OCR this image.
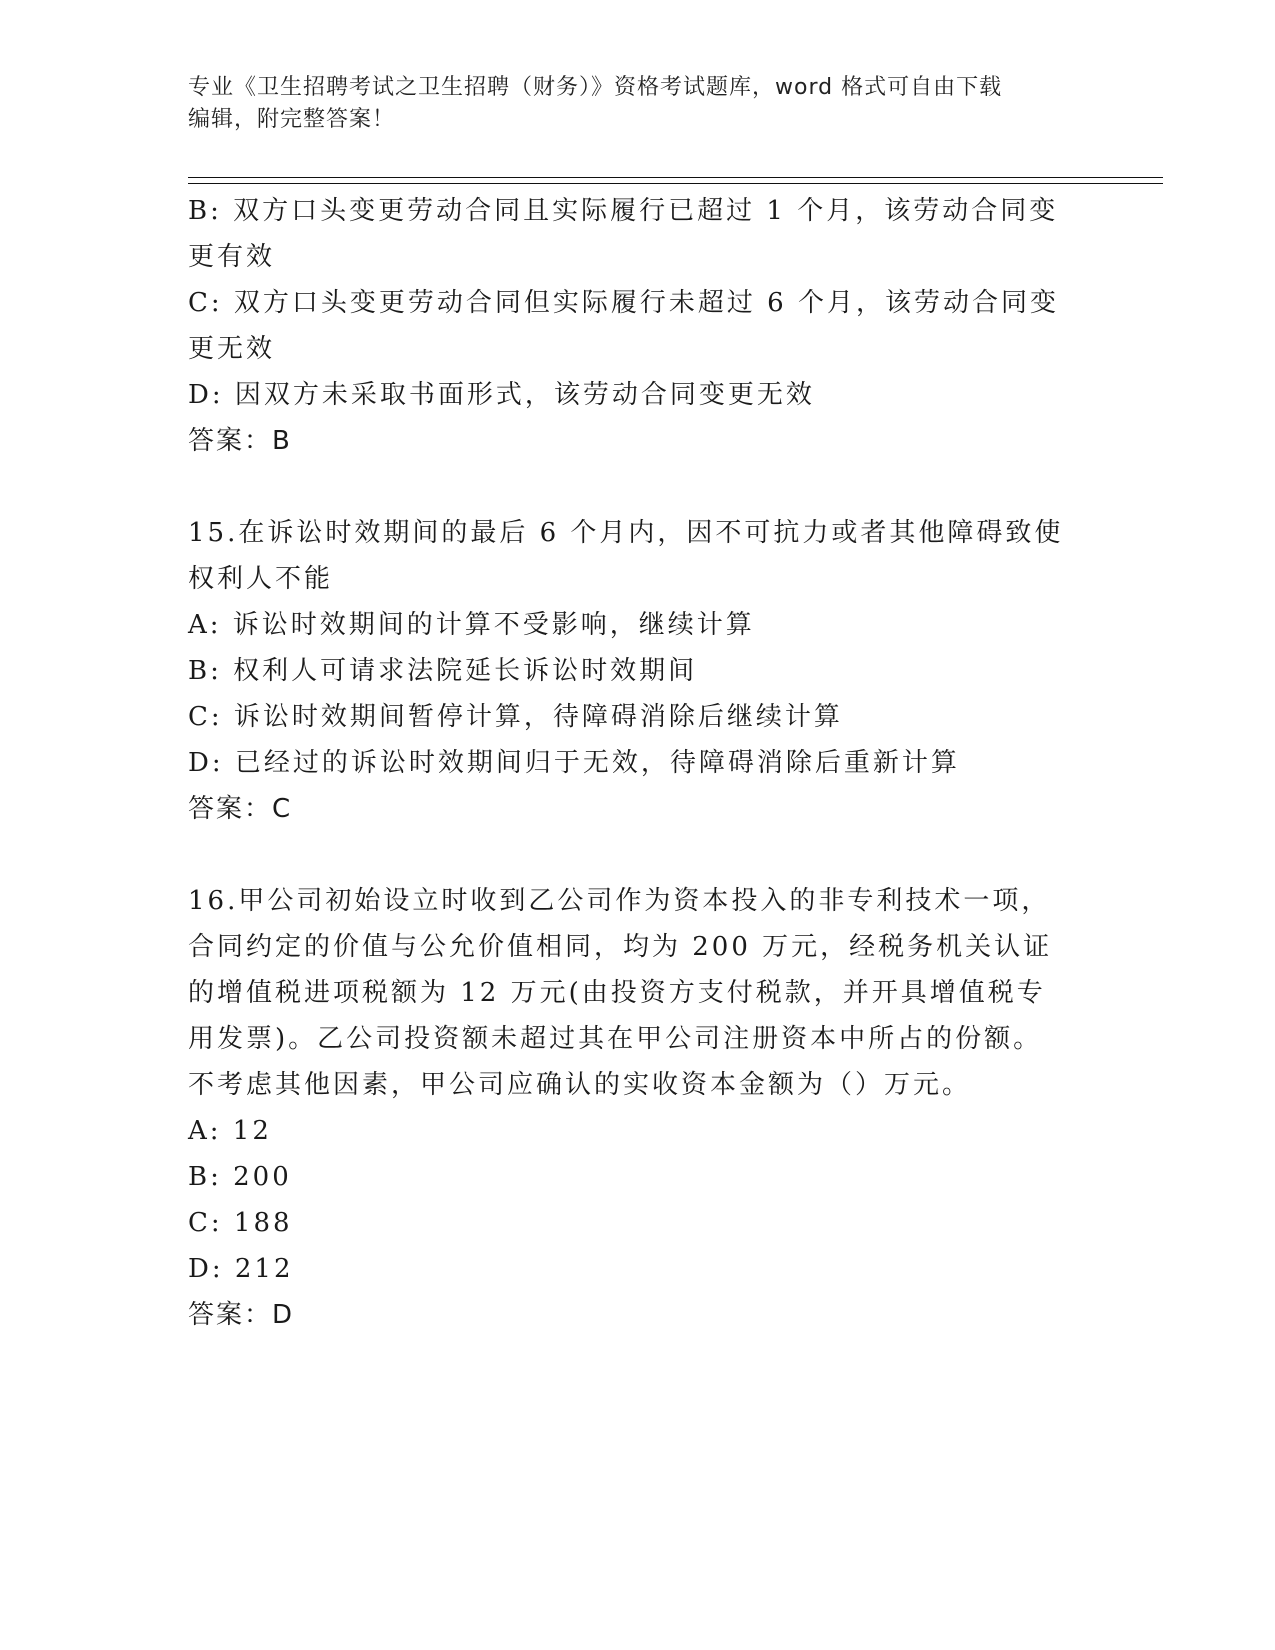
专业《卫生招聘考试之卫生招聘（财务）》资格考试题库，word 格式可自由下载
编辑，附完整答案！

B: 双方口头变更劳动合同且实际履行已超过 1 个月，该劳动合同变更有效

C: 双方口头变更劳动合同但实际履行未超过 6 个月，该劳动合同变更无效

D: 因双方未采取书面形式，该劳动合同变更无效

答案：B

15.在诉讼时效期间的最后 6 个月内，因不可抗力或者其他障碍致使权利人不能

A: 诉讼时效期间的计算不受影响，继续计算

B: 权利人可请求法院延长诉讼时效期间

C: 诉讼时效期间暂停计算，待障碍消除后继续计算

D: 已经过的诉讼时效期间归于无效，待障碍消除后重新计算

答案：C

16.甲公司初始设立时收到乙公司作为资本投入的非专利技术一项，合同约定的价值与公允价值相同，均为 200 万元，经税务机关认证的增值税进项税额为 12 万元(由投资方支付税款，并开具增值税专用发票)。乙公司投资额未超过其在甲公司注册资本中所占的份额。不考虑其他因素，甲公司应确认的实收资本金额为（）万元。

A: 12

B: 200

C: 188

D: 212

答案：D
